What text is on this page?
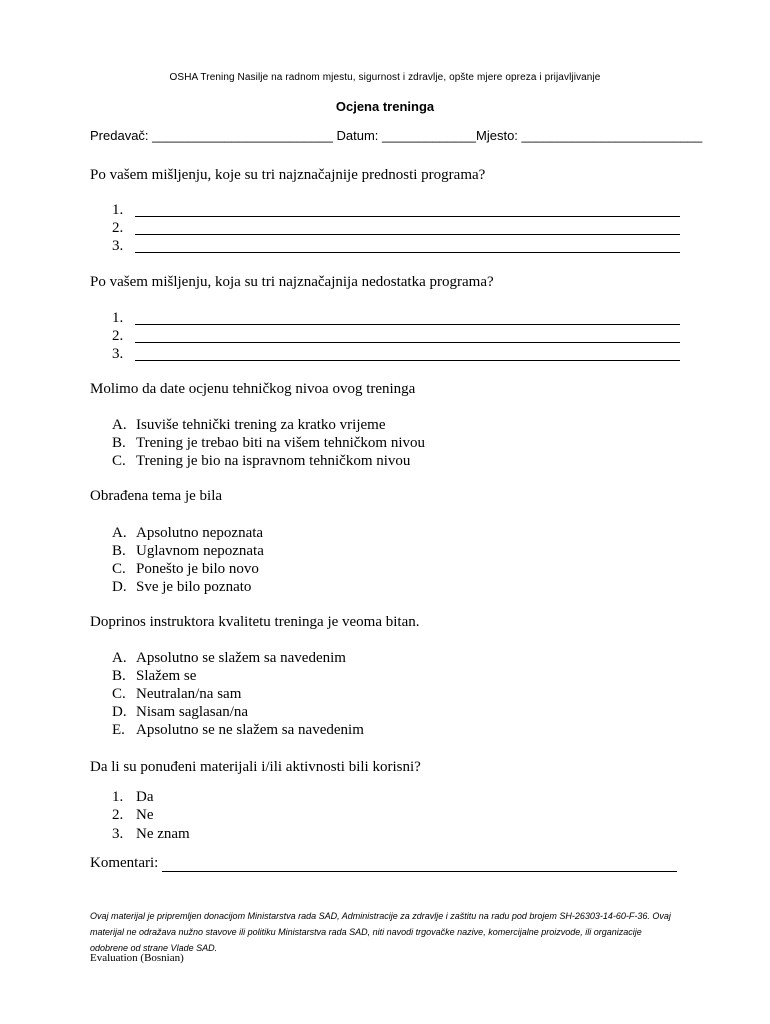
OSHA Trening Nasilje na radnom mjestu, sigurnost i zdravlje, opšte mjere opreza i prijavljivanje
Ocjena treninga
Predavač: _________________________ Datum: _____________Mjesto: _________________________
Po vašem mišljenju, koje su tri najznačajnije prednosti programa?
1.
2.
3.
Po vašem mišljenju, koja su tri najznačajnija nedostatka programa?
1.
2.
3.
Molimo da date ocjenu tehničkog nivoa ovog treninga
A. Isuviše tehnički trening za kratko vrijeme
B. Trening je trebao biti na višem tehničkom nivou
C. Trening je bio na ispravnom tehničkom nivou
Obrađena tema je bila
A. Apsolutno nepoznata
B. Uglavnom nepoznata
C. Ponešto je bilo novo
D. Sve je bilo poznato
Doprinos instruktora kvalitetu treninga je veoma bitan.
A. Apsolutno se slažem sa navedenim
B. Slažem se
C. Neutralan/na sam
D. Nisam saglasan/na
E. Apsolutno se ne slažem sa navedenim
Da li su ponuđeni materijali i/ili aktivnosti bili korisni?
1. Da
2. Ne
3. Ne znam
Komentari:
Ovaj materijal je pripremljen donacijom Ministarstva rada SAD, Administracije za zdravlje i zaštitu na radu pod brojem SH-26303-14-60-F-36. Ovaj materijal ne odražava nužno stavove ili politiku Ministarstva rada SAD, niti navodi trgovačke nazive, komercijalne proizvode, ili organizacije odobrene od strane Vlade SAD.
Evaluation (Bosnian)
